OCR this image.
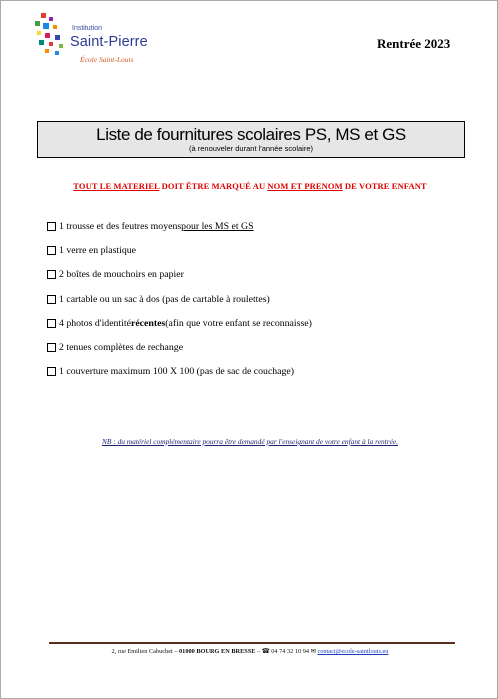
Institution
Saint-Pierre
École Saint-Louis
Rentrée 2023
Liste de fournitures scolaires PS, MS et GS
(à renouveler durant l'année scolaire)
TOUT LE MATERIEL DOIT ÊTRE MARQUÉ AU NOM ET PRENOM DE VOTRE ENFANT
1 trousse et des feutres moyens pour les MS et GS
1 verre en plastique
2 boîtes de mouchoirs en papier
1 cartable ou un sac à dos (pas de cartable à roulettes)
4 photos d'identité récentes (afin que votre enfant se reconnaisse)
2 tenues complètes de rechange
1 couverture maximum 100 X 100 (pas de sac de couchage)
NB : du matériel complémentaire pourra être demandé par l'enseignant de votre enfant à la rentrée.
2, rue Emilien Cabuchet – 01000 BOURG EN BRESSE – ☎ 04 74 32 10 94 ✉ contact@ecole-saintlouis.eu
